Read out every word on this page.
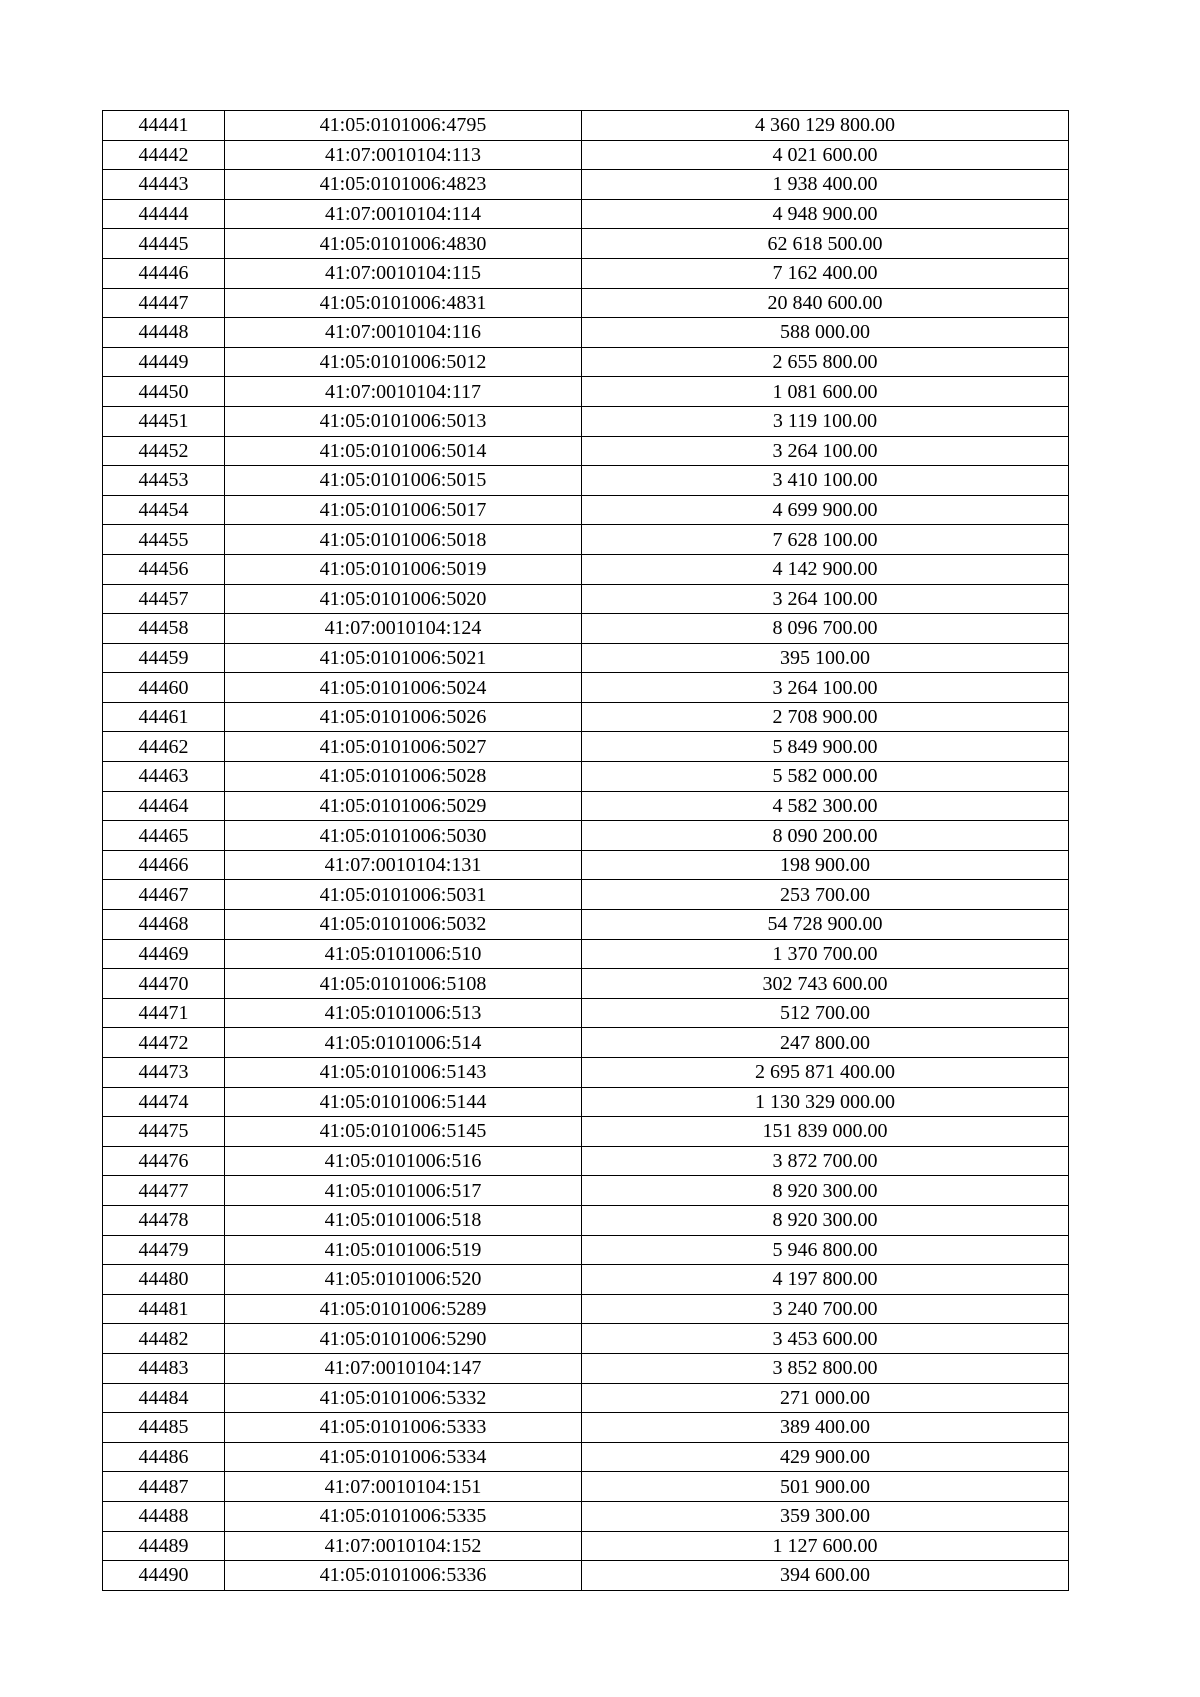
44441	41:05:0101006:4795	4 360 129 800.00
44442	41:07:0010104:113	4 021 600.00
44443	41:05:0101006:4823	1 938 400.00
44444	41:07:0010104:114	4 948 900.00
44445	41:05:0101006:4830	62 618 500.00
44446	41:07:0010104:115	7 162 400.00
44447	41:05:0101006:4831	20 840 600.00
44448	41:07:0010104:116	588 000.00
44449	41:05:0101006:5012	2 655 800.00
44450	41:07:0010104:117	1 081 600.00
44451	41:05:0101006:5013	3 119 100.00
44452	41:05:0101006:5014	3 264 100.00
44453	41:05:0101006:5015	3 410 100.00
44454	41:05:0101006:5017	4 699 900.00
44455	41:05:0101006:5018	7 628 100.00
44456	41:05:0101006:5019	4 142 900.00
44457	41:05:0101006:5020	3 264 100.00
44458	41:07:0010104:124	8 096 700.00
44459	41:05:0101006:5021	395 100.00
44460	41:05:0101006:5024	3 264 100.00
44461	41:05:0101006:5026	2 708 900.00
44462	41:05:0101006:5027	5 849 900.00
44463	41:05:0101006:5028	5 582 000.00
44464	41:05:0101006:5029	4 582 300.00
44465	41:05:0101006:5030	8 090 200.00
44466	41:07:0010104:131	198 900.00
44467	41:05:0101006:5031	253 700.00
44468	41:05:0101006:5032	54 728 900.00
44469	41:05:0101006:510	1 370 700.00
44470	41:05:0101006:5108	302 743 600.00
44471	41:05:0101006:513	512 700.00
44472	41:05:0101006:514	247 800.00
44473	41:05:0101006:5143	2 695 871 400.00
44474	41:05:0101006:5144	1 130 329 000.00
44475	41:05:0101006:5145	151 839 000.00
44476	41:05:0101006:516	3 872 700.00
44477	41:05:0101006:517	8 920 300.00
44478	41:05:0101006:518	8 920 300.00
44479	41:05:0101006:519	5 946 800.00
44480	41:05:0101006:520	4 197 800.00
44481	41:05:0101006:5289	3 240 700.00
44482	41:05:0101006:5290	3 453 600.00
44483	41:07:0010104:147	3 852 800.00
44484	41:05:0101006:5332	271 000.00
44485	41:05:0101006:5333	389 400.00
44486	41:05:0101006:5334	429 900.00
44487	41:07:0010104:151	501 900.00
44488	41:05:0101006:5335	359 300.00
44489	41:07:0010104:152	1 127 600.00
44490	41:05:0101006:5336	394 600.00
